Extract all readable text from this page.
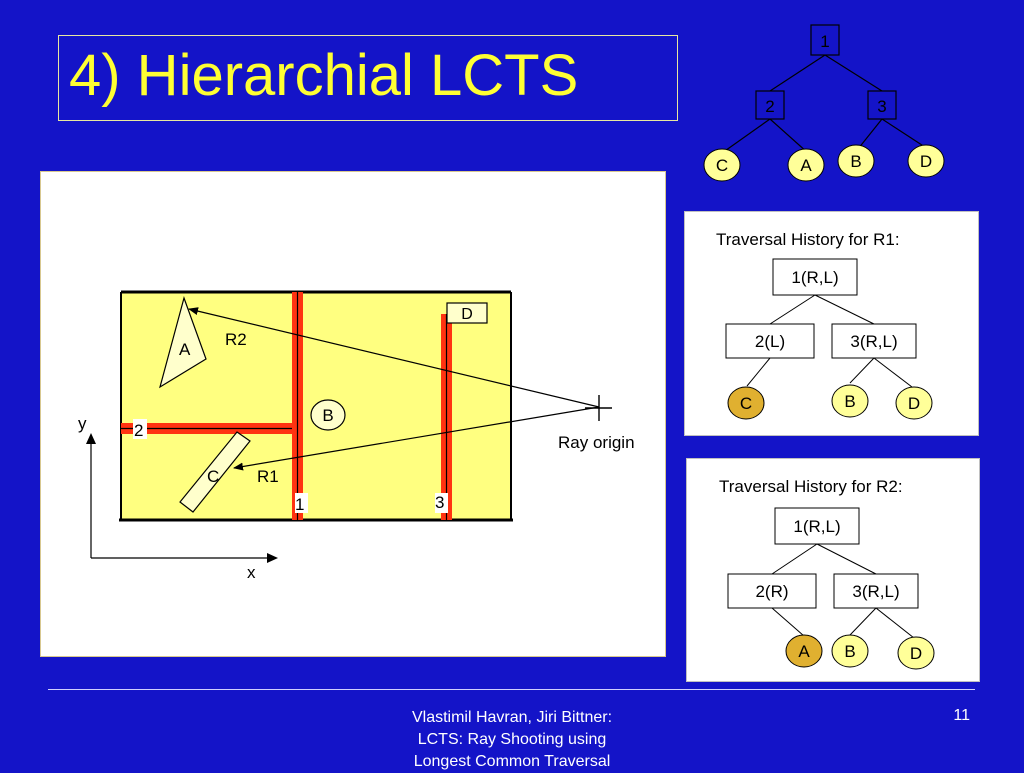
4) Hierarchial LCTS
1
2	3
C	A B	D
y
x
2
1	3
A
C
B
D
R2
R1
Ray origin
Traversal History for R1:
1(R,L)
2(L)	3(R,L)
C	B	D
Traversal History for R2:
1(R,L)
2(R)	3(R,L)
A B	D
Vlastimil Havran, Jiri Bittner:
LCTS: Ray Shooting using
Longest Common Traversal
11
